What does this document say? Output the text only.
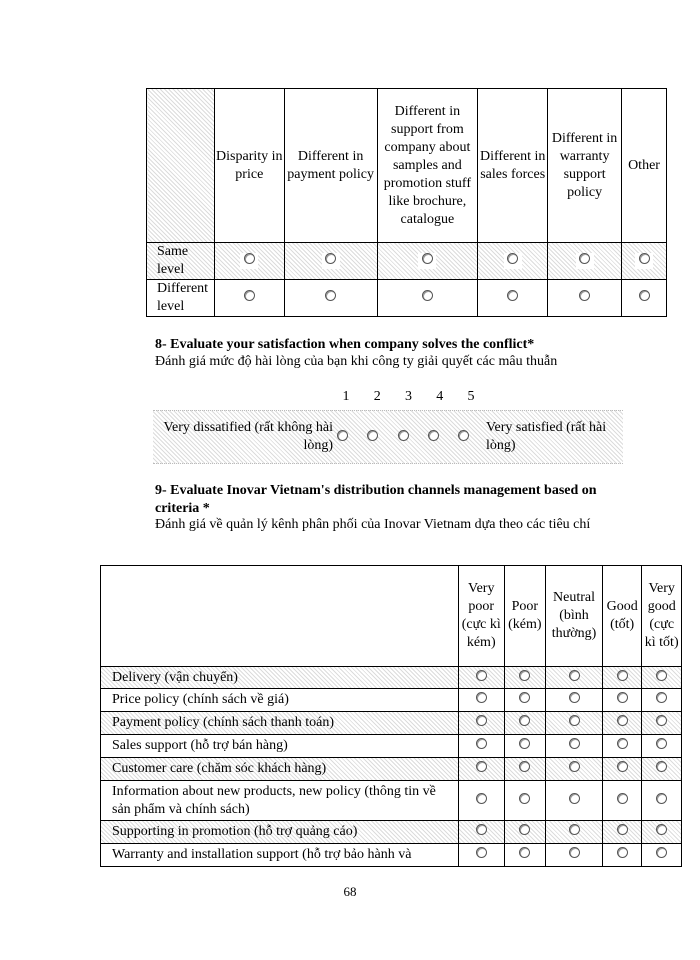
	Disparity in price	Different in payment policy	Different in support from company about samples and promotion stuff like brochure, catalogue	Different in sales forces	Different in warranty support policy	Other
Same level						
Different level						
8- Evaluate your satisfaction when company solves the conflict*
Đánh giá mức độ hài lòng của bạn khi công ty giải quyết các mâu thuẫn
1	2	3	4	5
Very dissatified (rất không hài lòng)
Very satisfied (rất hài lòng)
9- Evaluate Inovar Vietnam's distribution channels management based on criteria *
Đánh giá về quản lý kênh phân phối của Inovar Vietnam dựa theo các tiêu chí
	Very poor (cực kì kém)	Poor (kém)	Neutral (bình thường)	Good (tốt)	Very good (cực kì tốt)
Delivery (vận chuyển)					
Price policy (chính sách về giá)					
Payment policy (chính sách thanh toán)					
Sales support (hỗ trợ bán hàng)					
Customer care (chăm sóc khách hàng)					
Information about new products, new policy (thông tin về sản phẩm và chính sách)					
Supporting in promotion (hỗ trợ quảng cáo)					
Warranty and installation support (hỗ trợ bảo hành và					
68
